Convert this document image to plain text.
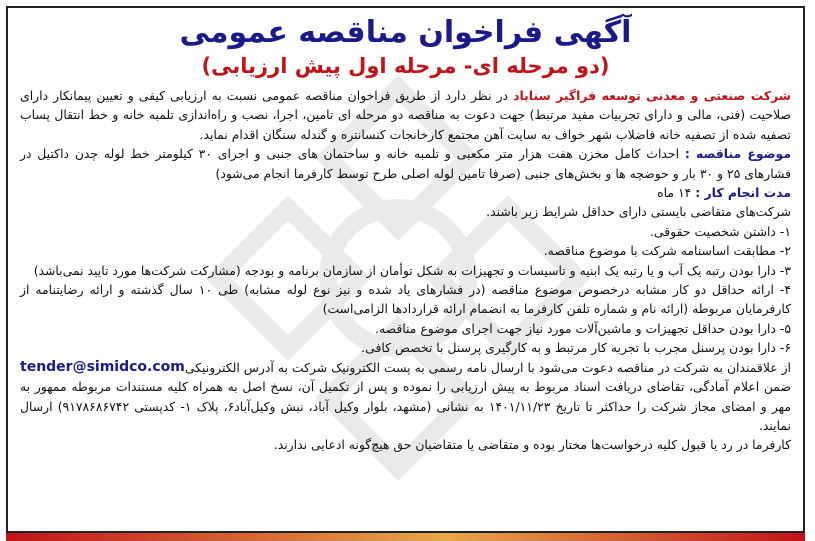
آگهی فراخوان مناقصه عمومی
(دو مرحله ای- مرحله اول پیش ارزیابی)

شرکت صنعتی و معدنی توسعه فراگیر سناباد در نظر دارد از طریق فراخوان مناقصه عمومی نسبت به ارزیابی کیفی و تعیین پیمانکار دارای صلاحیت (فنی، مالی و دارای تجربیات مفید مرتبط) جهت دعوت به مناقصه دو مرحله ای تامین، اجرا، نصب و راه‌اندازی تلمبه خانه و خط انتقال پساب تصفیه شده از تصفیه خانه فاضلاب شهر خواف به سایت آهن مجتمع کارخانجات کنسانتره و گندله سنگان اقدام نماید.

موضوع مناقصه : احداث کامل مخزن هفت هزار متر مکعبی و تلمبه خانه و ساختمان های جنبی و اجرای ۳۰ کیلومتر خط لوله چدن داکتیل در فشارهای ۲۵ و ۳۰ بار و حوضچه ها و بخش‌های جنبی (صرفا تامین لوله اصلی طرح توسط کارفرما انجام می‌شود)

مدت انجام کار : ۱۴ ماه

شرکت‌های متقاضی بایستی دارای حداقل شرایط زیر باشند.

۱- داشتن شخصیت حقوقی.

۲- مطابقت اساسنامه شرکت با موضوع مناقصه.

۳- دارا بودن رتبه یک آب و یا رتبه یک ابنیه و تاسیسات و تجهیزات به شکل توأمان از سازمان برنامه و بودجه (مشارکت شرکت‌ها مورد تایید نمی‌باشد)

۴- ارائه حداقل دو کار مشابه درخصوص موضوع مناقصه (در فشارهای یاد شده و نیز نوع لوله مشابه) طی ۱۰ سال گذشته و ارائه رضایتنامه از کارفرمایان مربوطه (ارائه نام و شماره تلفن کارفرما به انضمام ارائه قراردادها الزامی‌است)

۵- دارا بودن حداقل تجهیزات و ماشین‌آلات مورد نیاز جهت اجرای موضوع مناقصه.

۶- دارا بودن پرسنل مجرب با تجربه کار مرتبط و به کارگیری پرسنل با تخصص کافی.

tender@simidco.com از علاقمندان به شرکت در مناقصه دعوت می‌شود با ارسال نامه رسمی به پست الکترونیک شرکت به آدرس الکترونیکی ضمن اعلام آمادگی، تقاضای دریافت اسناد مربوط به پیش ارزیابی را نموده و پس از تکمیل آن، نسخ اصل به همراه کلیه مستندات مربوطه ممهور به مهر و امضای مجاز شرکت را حداکثر تا تاریخ ۱۴۰۱/۱۱/۲۳ به نشانی (مشهد، بلوار وکیل آباد، نبش وکیل‌آباد۶، پلاک ۱- کدپستی ۹۱۷۸۶۸۶۷۴۲) ارسال نمایند.

کارفرما در رد یا قبول کلیه درخواست‌ها مختار بوده و متقاضی یا متقاضیان حق هیچ‌گونه ادعایی ندارند.
